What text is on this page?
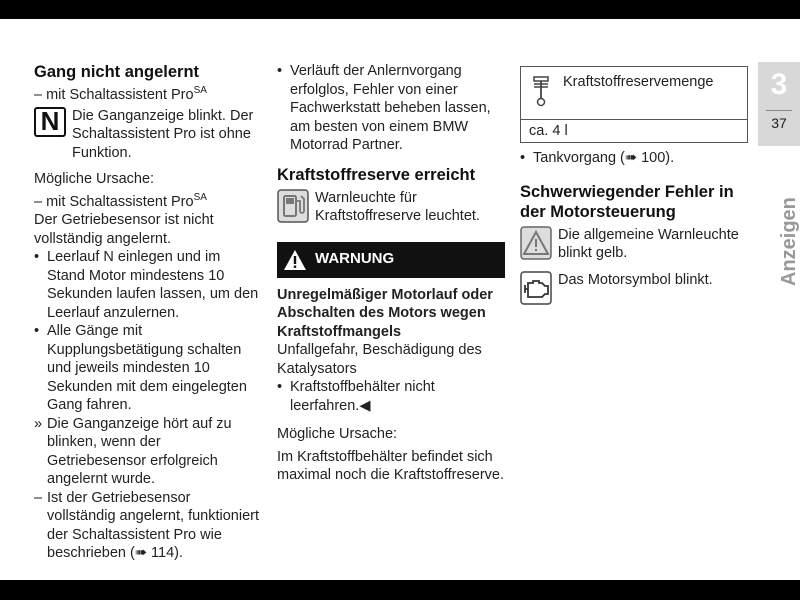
Gang nicht angelernt

– mit Schaltassistent Pro$^{SA}$

N Die Ganganzeige blinkt. Der Schaltassistent Pro ist ohne Funktion.

Mögliche Ursache:

– mit Schaltassistent Pro$^{SA}$

Der Getriebesensor ist nicht vollständig angelernt.

• Leerlauf N einlegen und im Stand Motor mindestens 10 Sekunden laufen lassen, um den Leerlauf anzulernen.
• Alle Gänge mit Kupplungsbetätigung schalten und jeweils mindesten 10 Sekunden mit dem eingelegten Gang fahren.
» Die Ganganzeige hört auf zu blinken, wenn der Getriebesensor erfolgreich angelernt wurde.
– Ist der Getriebesensor vollständig angelernt, funktioniert der Schaltassistent Pro wie beschrieben (➠ 114).
• Verläuft der Anlernvorgang erfolglos, Fehler von einer Fachwerkstatt beheben lassen, am besten von einem BMW Motorrad Partner.
Kraftstoffreserve erreicht

Warnleuchte für Kraftstoffreserve leuchtet.

WARNUNG

Unregelmäßiger Motorlauf oder Abschalten des Motors wegen Kraftstoffmangels

Unfallgefahr, Beschädigung des Katalysators

• Kraftstoffbehälter nicht leerfahren.◀

Mögliche Ursache:

Im Kraftstoffbehälter befindet sich maximal noch die Kraftstoffreserve.

Kraftstoffreservemenge
ca. 4 l
• Tankvorgang (➠ 100).
Schwerwiegender Fehler in der Motorsteuerung

Die allgemeine Warnleuchte blinkt gelb.

Das Motorsymbol blinkt.

3
37
Anzeigen
